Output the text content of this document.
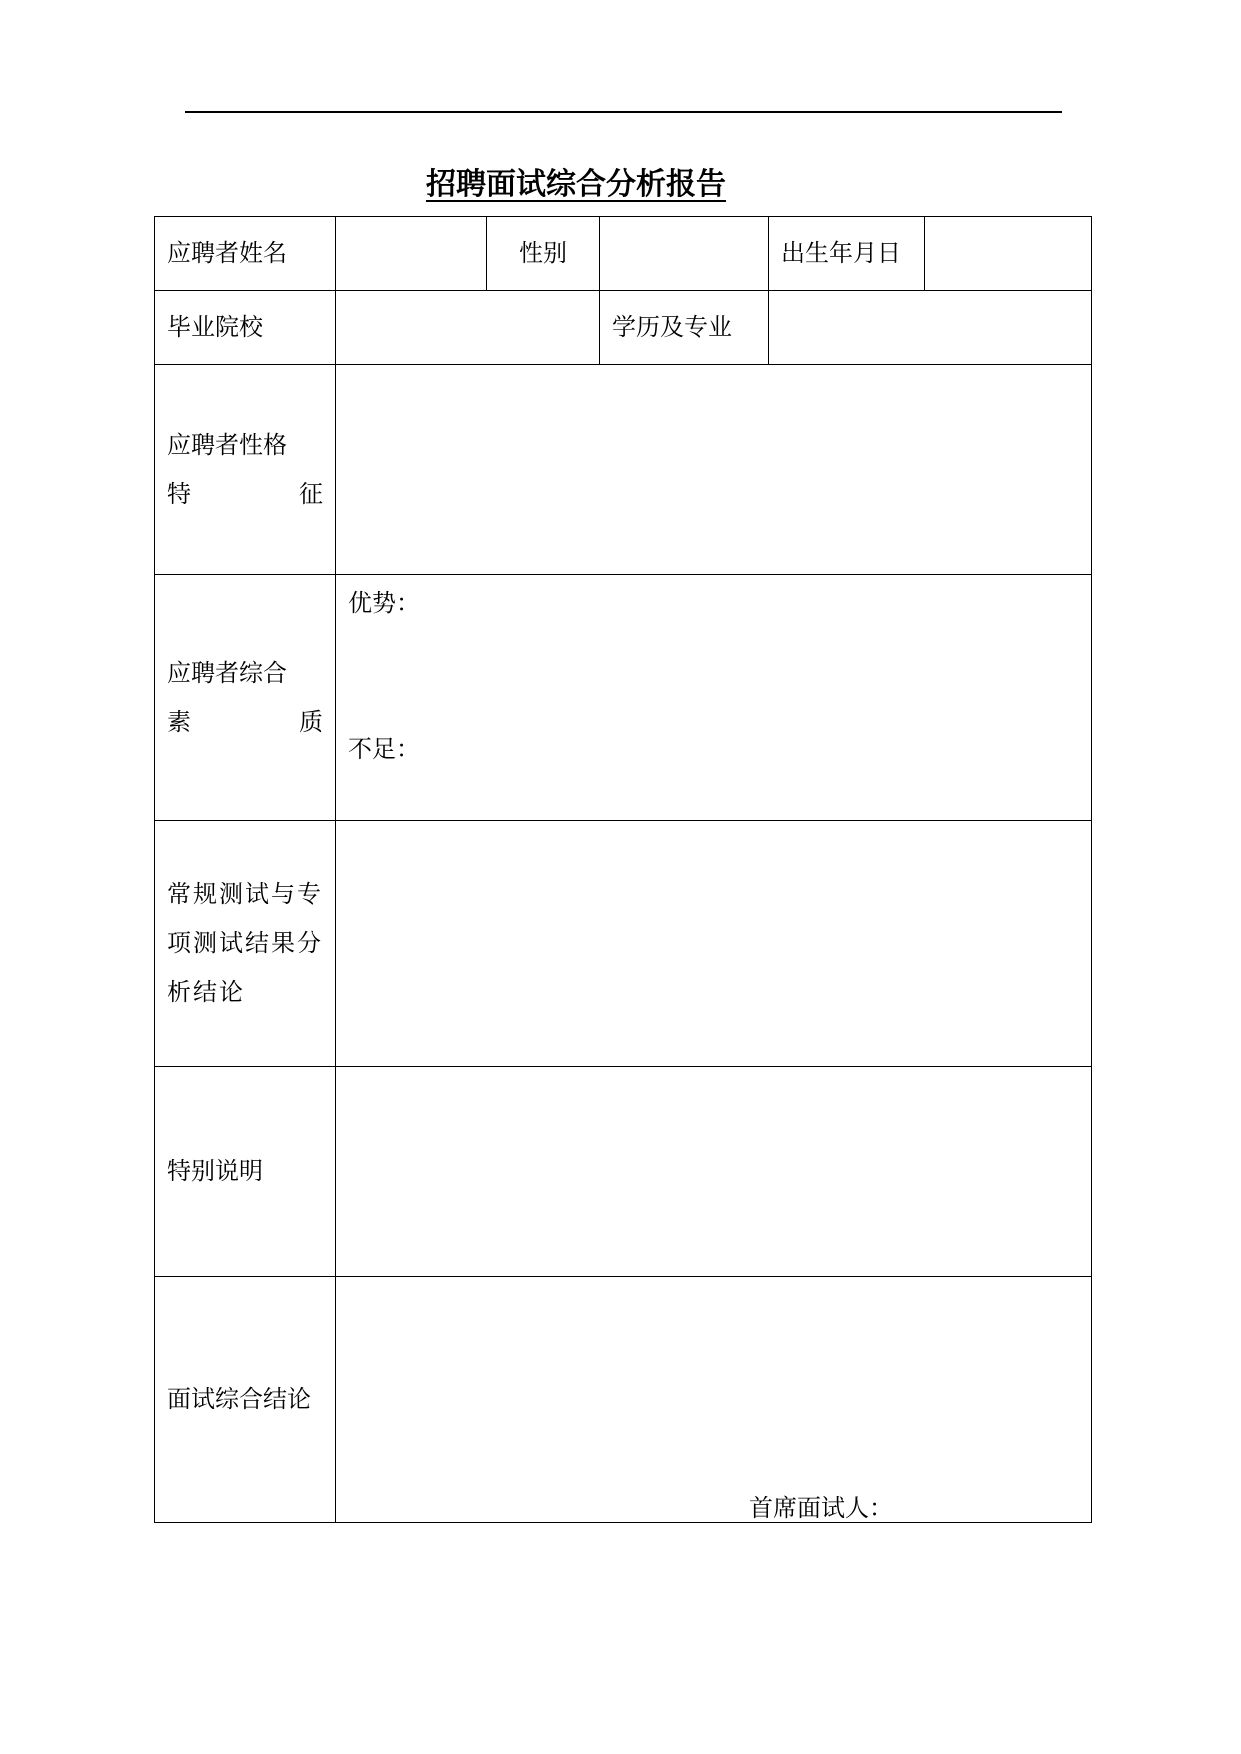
招聘面试综合分析报告
应聘者姓名		性别		出生年月日	
毕业院校			学历及专业		

应聘者性格
特 征					

应聘者综合
素 质	优势：
不足：				

常规测试与专项测试结果分析结论					
特别说明					
面试综合结论	首席面试人：				
